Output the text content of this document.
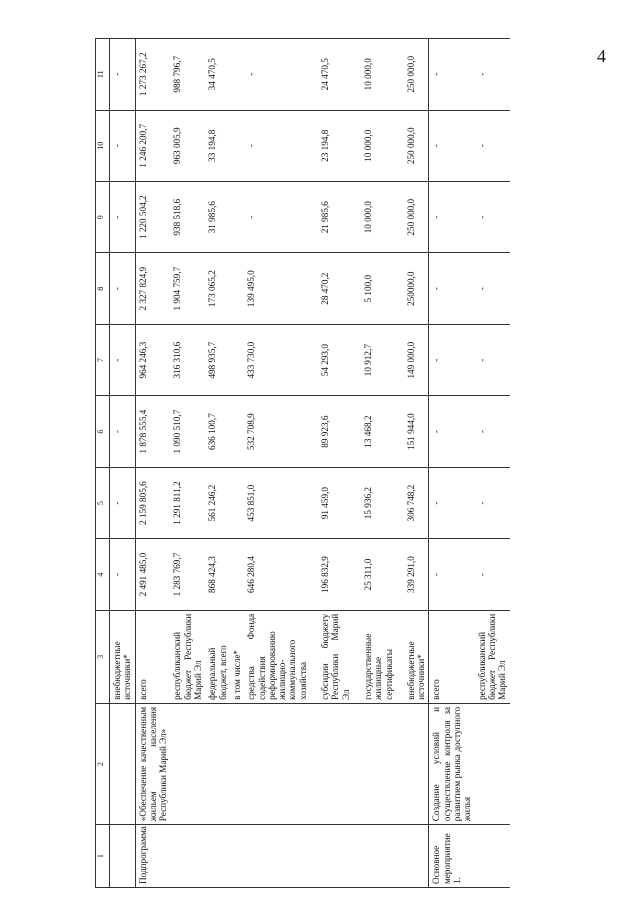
4
1	2	3	4	5	6	7	8	9	10	11
		внебюджетные источники*	-	-	-	-	-	-	-	-
Подпрограмма	«Обеспечение качественным жильем населения Республики Марий Эл»	всего	2 491 485,0	2 159 805,6	1 878 555,4	964 246,3	2 327 824,9	1 220 504,2	1 246 200,7	1 273 267,2
		республиканский бюджет Республики Марий Эл	1 283 769,7	1 291 811,2	1 090 510,7	316 310,6	1 904 759,7	938 518,6	963 005,9	988 796,7
		федеральный бюджет, всего	868 424,3	561 246,2	636 100,7	498 935,7	173 065,2	31 985,6	33 194,8	34 470,5
		в том числе*								
		средства Фонда содействия реформированию жилищно-коммунального хозяйства	646 280,4	453 851,0	532 708,9	433 730,0	139 495,0	-	-	-
		субсидии бюджету Республики Марий Эл	196 832,9	91 459,0	89 923,6	54 293,0	28 470,2	21 985,6	23 194,8	24 470,5
		государственные жилищные сертификаты	25 311,0	15 936,2	13 468,2	10 912,7	5 100,0	10 000,0	10 000,0	10 000,0
		внебюджетные источники*	339 291,0	306 748,2	151 944,0	149 000,0	250000,0	250 000,0	250 000,0	250 000,0
Основное мероприятие 1.	Создание условий и осуществление контроля за развитием рынка доступного жилья	всего	-	-	-	-	-	-	-	-
		республиканский бюджет Республики Марий Эл	-	-	-	-	-	-	-	-
